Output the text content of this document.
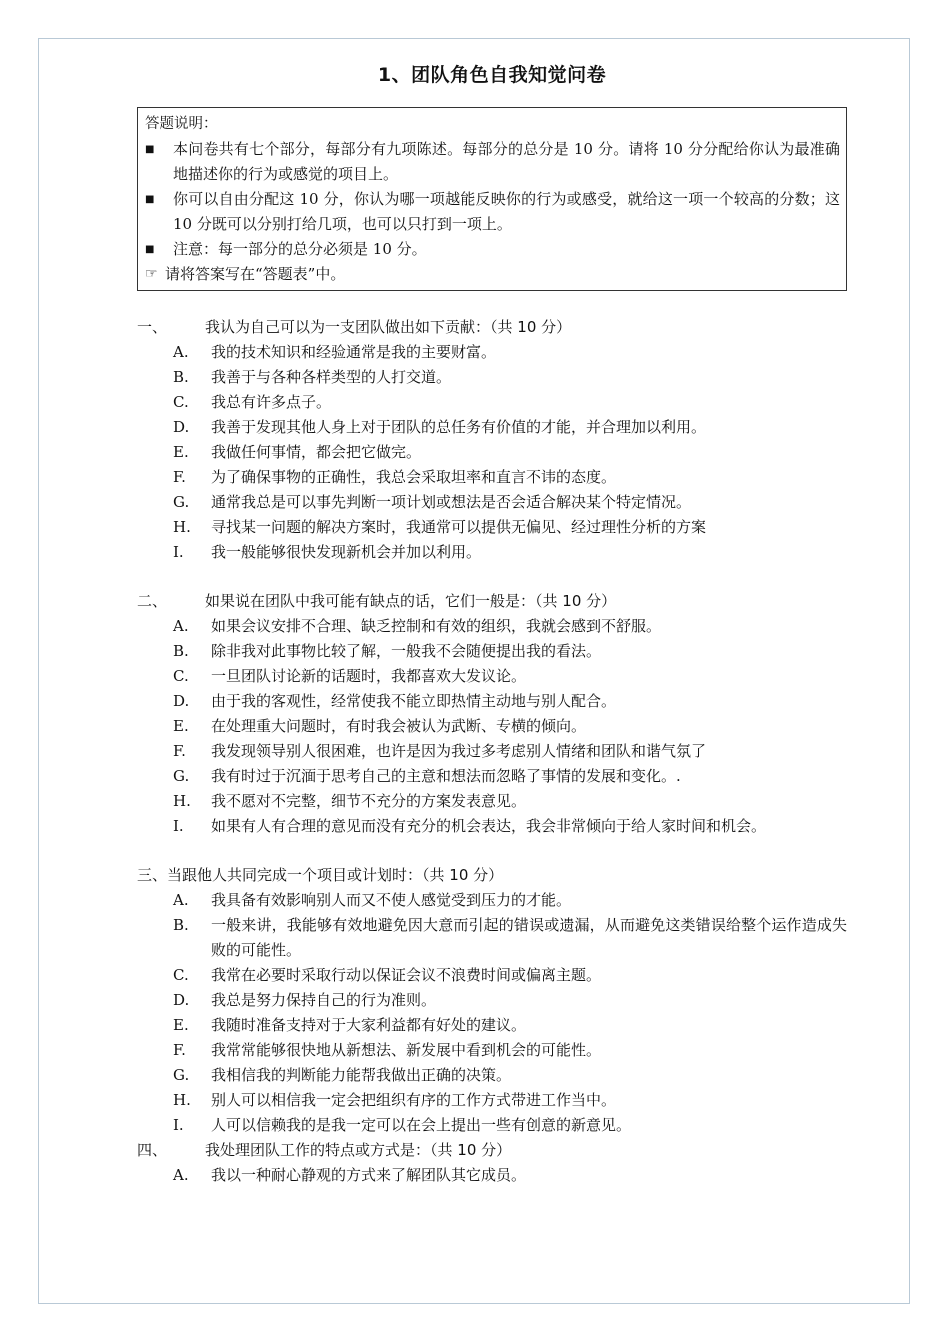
1、团队角色自我知觉问卷
答题说明：
■	本问卷共有七个部分，每部分有九项陈述。每部分的总分是 10 分。请将 10 分分配给你认为最准确地描述你的行为或感觉的项目上。
■	你可以自由分配这 10 分，你认为哪一项越能反映你的行为或感受，就给这一项一个较高的分数；这 10 分既可以分别打给几项，也可以只打到一项上。
■	注意：每一部分的总分必须是 10 分。
☞ 请将答案写在“答题表”中。
一、	我认为自己可以为一支团队做出如下贡献：（共 10 分）
A.	我的技术知识和经验通常是我的主要财富。
B.	我善于与各种各样类型的人打交道。
C.	我总有许多点子。
D.	我善于发现其他人身上对于团队的总任务有价值的才能，并合理加以利用。
E.	我做任何事情，都会把它做完。
F.	为了确保事物的正确性，我总会采取坦率和直言不讳的态度。
G.	通常我总是可以事先判断一项计划或想法是否会适合解决某个特定情况。
H.	寻找某一问题的解决方案时，我通常可以提供无偏见、经过理性分析的方案
I.	我一般能够很快发现新机会并加以利用。
二、	如果说在团队中我可能有缺点的话，它们一般是：（共 10 分）
A.	如果会议安排不合理、缺乏控制和有效的组织，我就会感到不舒服。
B.	除非我对此事物比较了解，一般我不会随便提出我的看法。
C.	一旦团队讨论新的话题时，我都喜欢大发议论。
D.	由于我的客观性，经常使我不能立即热情主动地与别人配合。
E.	在处理重大问题时，有时我会被认为武断、专横的倾向。
F.	我发现领导别人很困难，也许是因为我过多考虑别人情绪和团队和谐气氛了
G.	我有时过于沉湎于思考自己的主意和想法而忽略了事情的发展和变化。.
H.	我不愿对不完整，细节不充分的方案发表意见。
I.	如果有人有合理的意见而没有充分的机会表达，我会非常倾向于给人家时间和机会。
三、 当跟他人共同完成一个项目或计划时：（共 10 分）
A.	我具备有效影响别人而又不使人感觉受到压力的才能。
B.	一般来讲，我能够有效地避免因大意而引起的错误或遗漏，从而避免这类错误给整个运作造成失败的可能性。
C.	我常在必要时采取行动以保证会议不浪费时间或偏离主题。
D.	我总是努力保持自己的行为准则。
E.	我随时准备支持对于大家利益都有好处的建议。
F.	我常常能够很快地从新想法、新发展中看到机会的可能性。
G.	我相信我的判断能力能帮我做出正确的决策。
H.	别人可以相信我一定会把组织有序的工作方式带进工作当中。
I.	人可以信赖我的是我一定可以在会上提出一些有创意的新意见。
四、	我处理团队工作的特点或方式是：（共 10 分）
A.	我以一种耐心静观的方式来了解团队其它成员。
